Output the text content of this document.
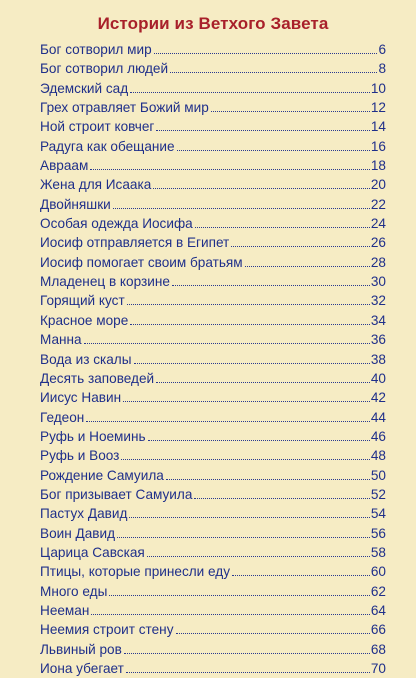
Истории из Ветхого Завета
Бог сотворил мир	6
Бог сотворил людей	8
Эдемский сад	10
Грех отравляет Божий мир	12
Ной строит ковчег	14
Радуга как обещание	16
Авраам	18
Жена для Исаака	20
Двойняшки	22
Особая одежда Иосифа	24
Иосиф отправляется в Египет	26
Иосиф помогает своим братьям	28
Младенец в корзине	30
Горящий куст	32
Красное море	34
Манна	36
Вода из скалы	38
Десять заповедей	40
Иисус Навин	42
Гедеон	44
Руфь и Ноеминь	46
Руфь и Вооз	48
Рождение Самуила	50
Бог призывает Самуила	52
Пастух Давид	54
Воин Давид	56
Царица Савская	58
Птицы, которые принесли еду	60
Много еды	62
Нееман	64
Неемия строит стену	66
Львиный ров	68
Иона убегает	70
